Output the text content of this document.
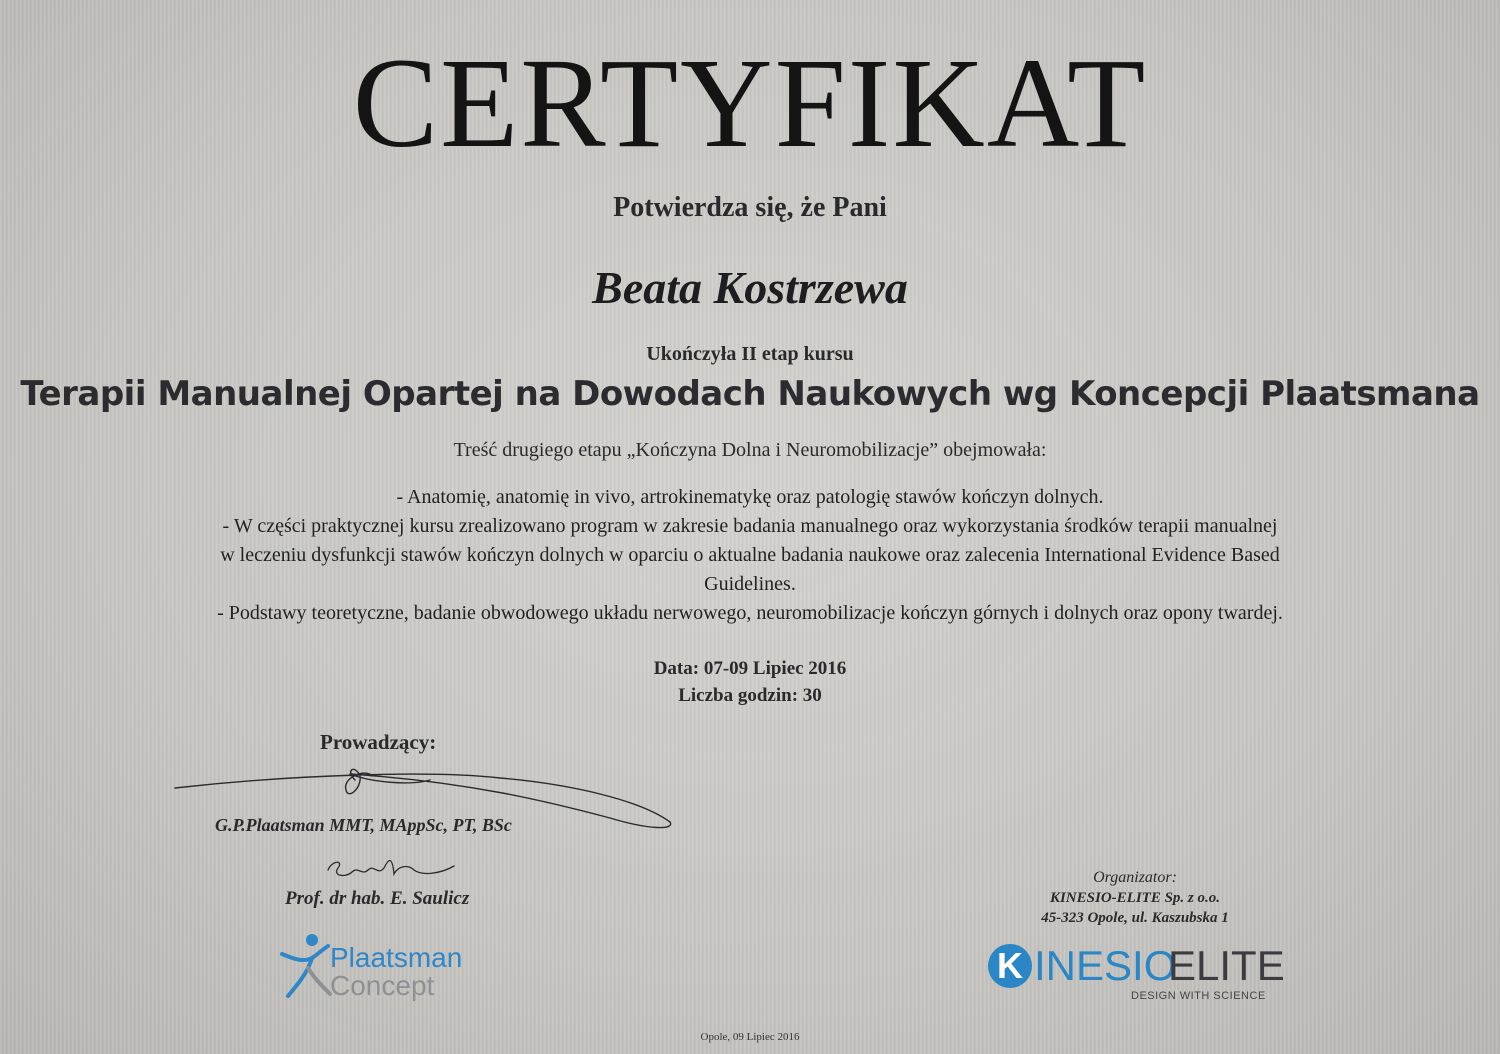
CERTYFIKAT
Potwierdza się, że Pani
Beata Kostrzewa
Ukończyła II etap kursu
Terapii Manualnej Opartej na Dowodach Naukowych wg Koncepcji Plaatsmana
Treść drugiego etapu „Kończyna Dolna i Neuromobilizacje” obejmowała:
- Anatomię, anatomię in vivo, artrokinematykę oraz patologię stawów kończyn dolnych.
- W części praktycznej kursu zrealizowano program w zakresie badania manualnego oraz wykorzystania środków terapii manualnej
w leczeniu dysfunkcji stawów kończyn dolnych w oparciu o aktualne badania naukowe oraz zalecenia International Evidence Based
Guidelines.
- Podstawy teoretyczne, badanie obwodowego układu nerwowego, neuromobilizacje kończyn górnych i dolnych oraz opony twardej.
Data: 07-09 Lipiec 2016
Liczba godzin: 30
Prowadzący:
G.P.Plaatsman MMT, MAppSc, PT, BSc
Prof. dr hab. E. Saulicz
Plaatsman
Concept
Organizator:
KINESIO-ELITE Sp. z o.o.
45-323 Opole, ul. Kaszubska 1
K INESIO
ELITE
DESIGN WITH SCIENCE
Opole, 09 Lipiec 2016
